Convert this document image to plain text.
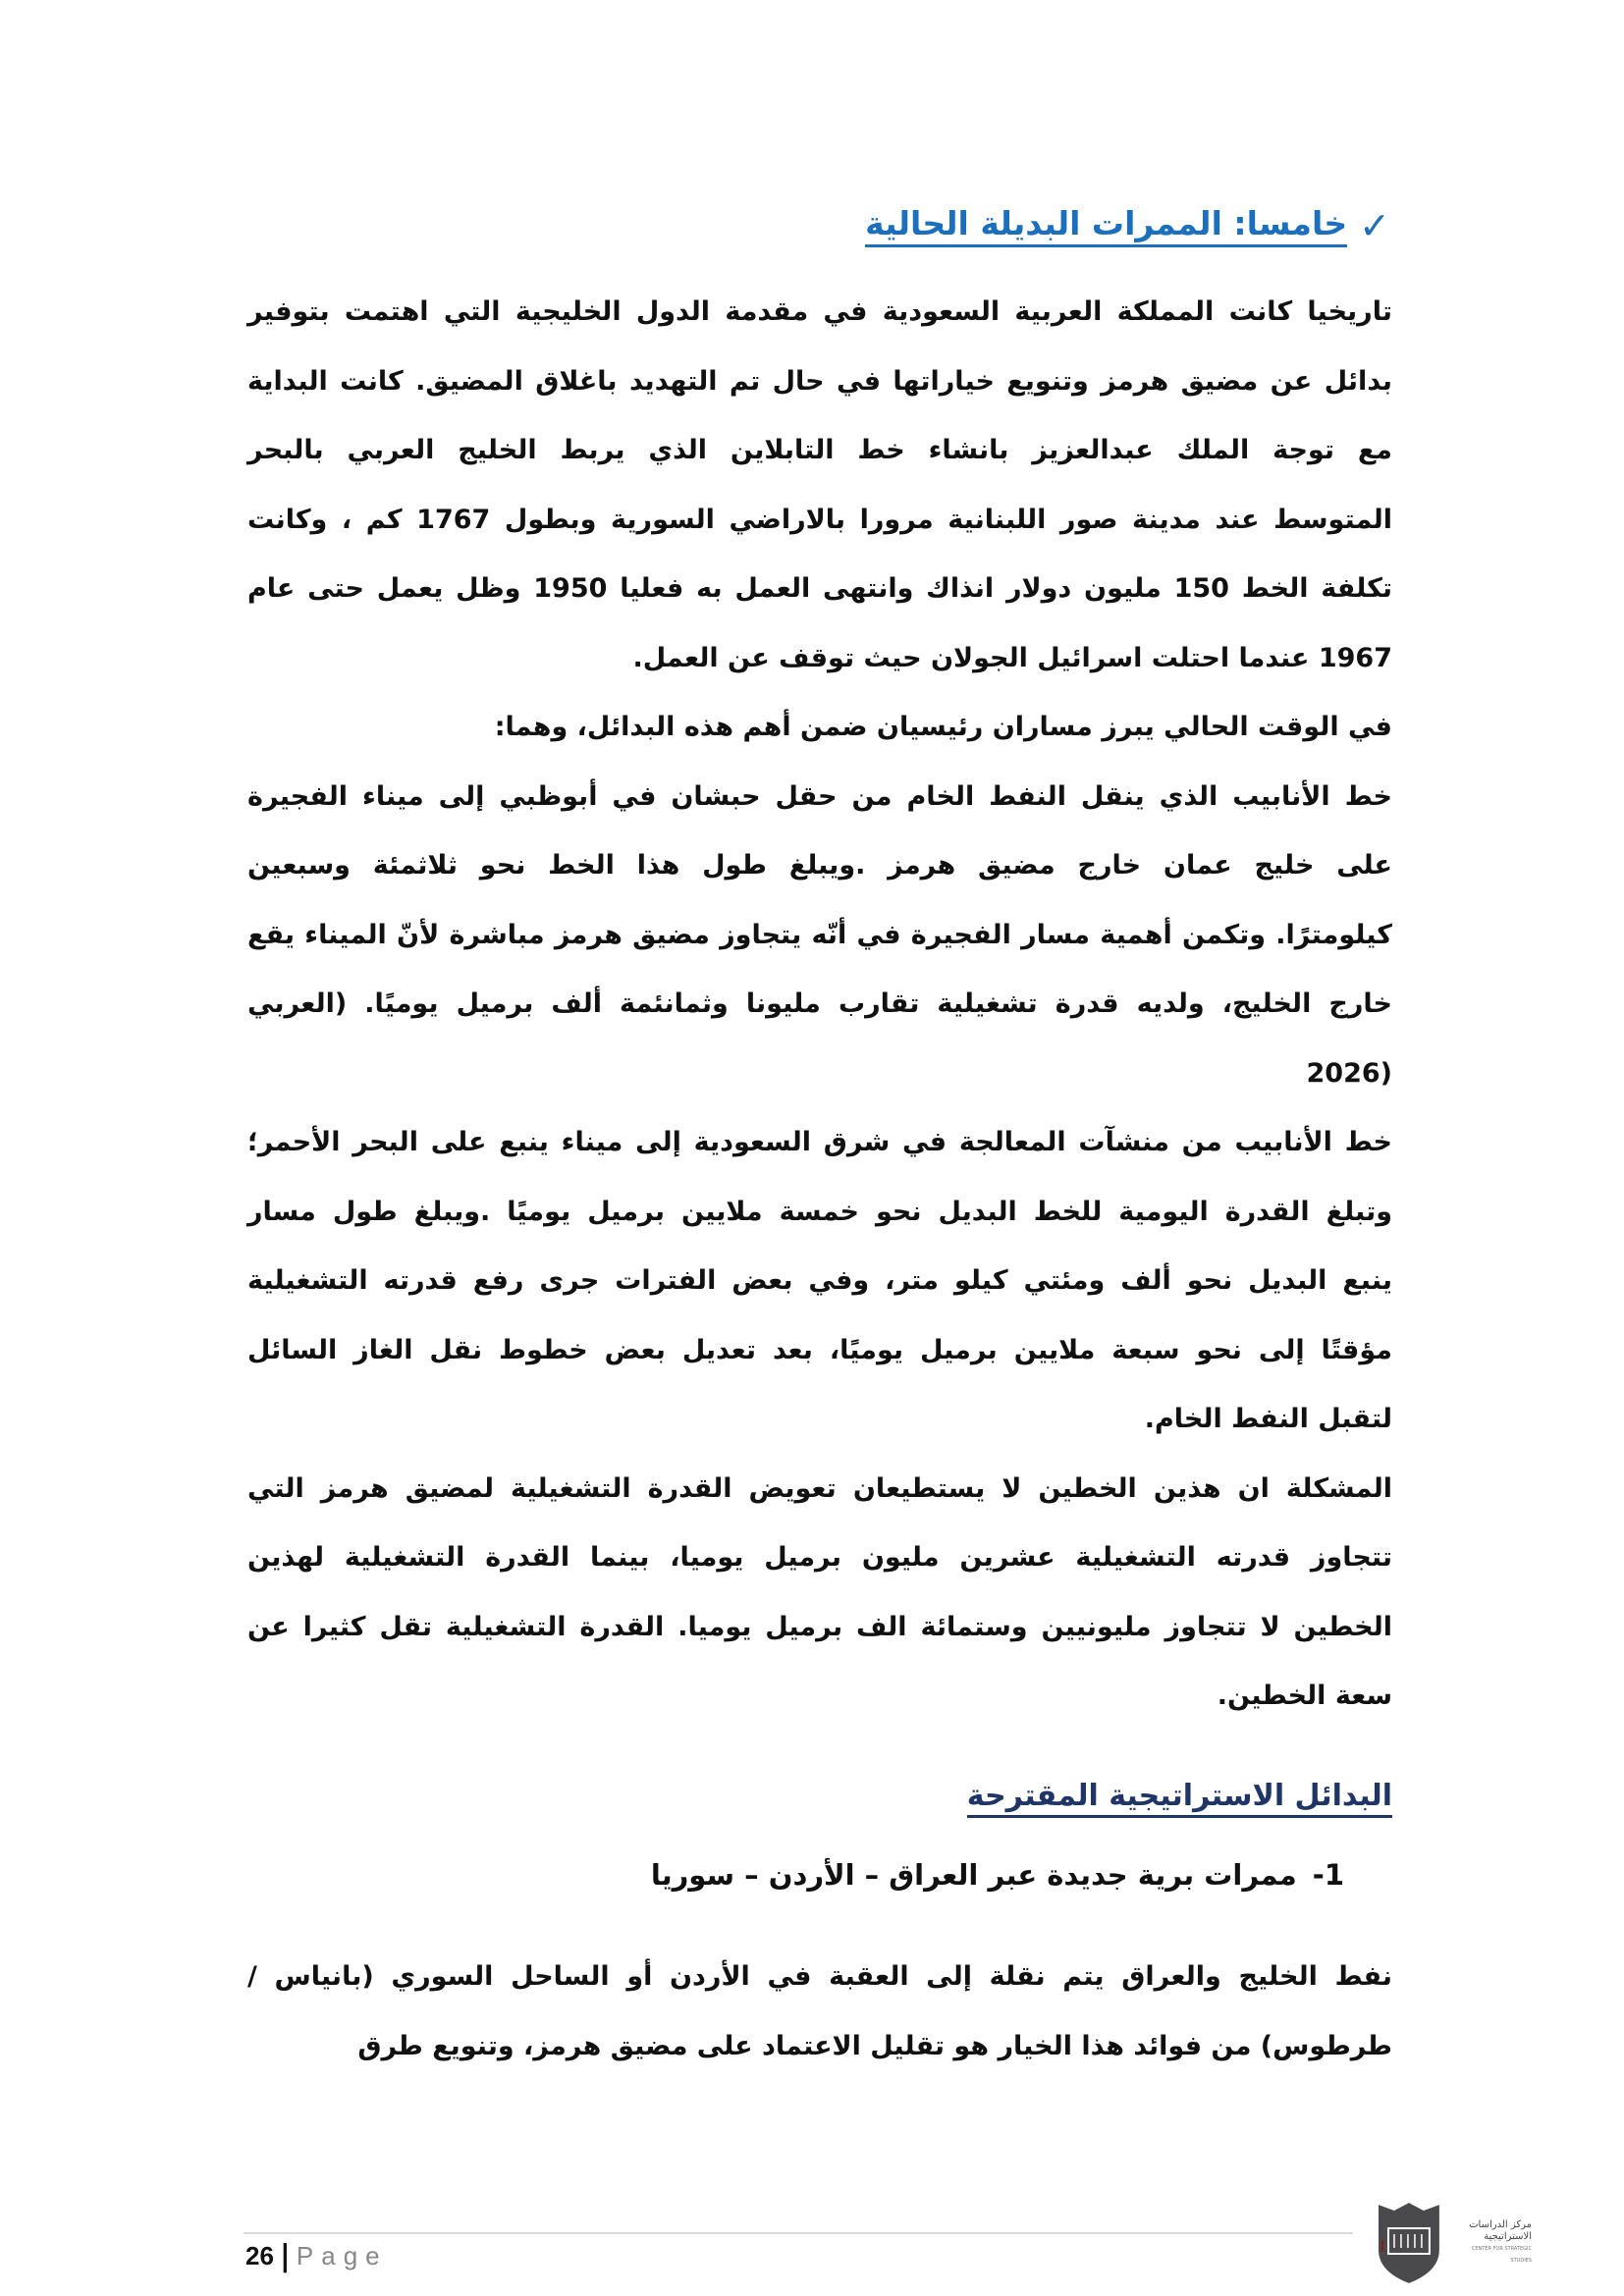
✓
خامسا: الممرات البديلة الحالية
تاريخيا كانت المملكة العربية السعودية في مقدمة الدول الخليجية التي اهتمت بتوفير
بدائل عن مضيق هرمز وتنويع خياراتها في حال تم التهديد باغلاق المضيق. كانت البداية
مع توجة الملك عبدالعزيز بانشاء خط التابلاين الذي يربط الخليج العربي بالبحر
المتوسط عند مدينة صور اللبنانية مرورا بالاراضي السورية وبطول 1767 كم ، وكانت
تكلفة الخط 150 مليون دولار انذاك وانتهى العمل به فعليا 1950 وظل يعمل حتى عام
1967 عندما احتلت اسرائيل الجولان حيث توقف عن العمل.
في الوقت الحالي يبرز مساران رئيسيان ضمن أهم هذه البدائل، وهما:
خط الأنابيب الذي ينقل النفط الخام من حقل حبشان في أبوظبي إلى ميناء الفجيرة
على خليج عمان خارج مضيق هرمز .ويبلغ طول هذا الخط نحو ثلاثمئة وسبعين
كيلومترًا. وتكمن أهمية مسار الفجيرة في أنّه يتجاوز مضيق هرمز مباشرة لأنّ الميناء يقع
خارج الخليج، ولديه قدرة تشغيلية تقارب مليونا وثمانئمة ألف برميل يوميًا. (العربي
(2026
خط الأنابيب من منشآت المعالجة في شرق السعودية إلى ميناء ينبع على البحر الأحمر؛
وتبلغ القدرة اليومية للخط البديل نحو خمسة ملايين برميل يوميًا .ويبلغ طول مسار
ينبع البديل نحو ألف ومئتي كيلو متر، وفي بعض الفترات جرى رفع قدرته التشغيلية
مؤقتًا إلى نحو سبعة ملايين برميل يوميًا، بعد تعديل بعض خطوط نقل الغاز السائل
لتقبل النفط الخام.
المشكلة ان هذين الخطين لا يستطيعان تعويض القدرة التشغيلية لمضيق هرمز التي
تتجاوز قدرته التشغيلية عشرين مليون برميل يوميا، بينما القدرة التشغيلية لهذين
الخطين لا تتجاوز مليونيين وستمائة الف برميل يوميا. القدرة التشغيلية تقل كثيرا عن
سعة الخطين.
البدائل الاستراتيجية المقترحة
1-
ممرات برية جديدة عبر العراق – الأردن – سوريا
نفط الخليج والعراق يتم نقلة إلى العقبة في الأردن أو الساحل السوري (بانياس /
طرطوس) من فوائد هذا الخيار هو تقليل الاعتماد على مضيق هرمز، وتنويع طرق
26 | Page
مركز الدراسات
الاستراتيجية
CENTER FOR STRATEGIC STUDIES
